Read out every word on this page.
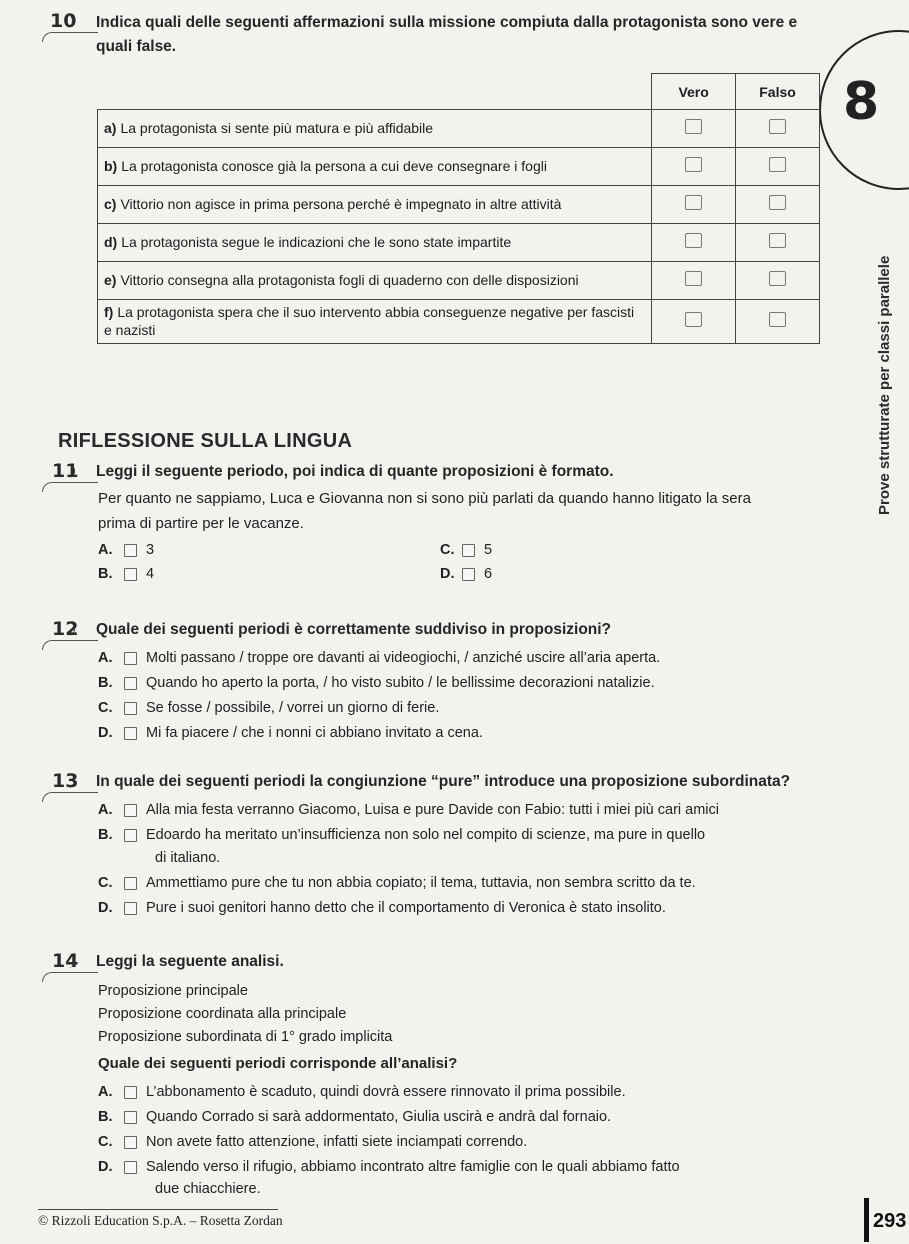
8
Prove strutturate per classi parallele
10 Indica quali delle seguenti affermazioni sulla missione compiuta dalla protagonista sono vere e
quali false.
	Vero	Falso
a) La protagonista si sente più matura e più affidabile		
b) La protagonista conosce già la persona a cui deve consegnare i fogli		
c) Vittorio non agisce in prima persona perché è impegnato in altre attività		
d) La protagonista segue le indicazioni che le sono state impartite		
e) Vittorio consegna alla protagonista fogli di quaderno con delle disposizioni		
f) La protagonista spera che il suo intervento abbia conseguenze negative per fascisti e nazisti		
RIFLESSIONE SULLA LINGUA
11 Leggi il seguente periodo, poi indica di quante proposizioni è formato.
Per quanto ne sappiamo, Luca e Giovanna non si sono più parlati da quando hanno litigato la sera
prima di partire per le vacanze.
A.	3
B.	4
C.	5
D.	6
12 Quale dei seguenti periodi è correttamente suddiviso in proposizioni?
A.	Molti passano / troppe ore davanti ai videogiochi, / anziché uscire all’aria aperta.
B.	Quando ho aperto la porta, / ho visto subito / le bellissime decorazioni natalizie.
C.	Se fosse / possibile, / vorrei un giorno di ferie.
D.	Mi fa piacere / che i nonni ci abbiano invitato a cena.
13 In quale dei seguenti periodi la congiunzione “pure” introduce una proposizione subordinata?
A.	Alla mia festa verranno Giacomo, Luisa e pure Davide con Fabio: tutti i miei più cari amici
B.	Edoardo ha meritato un’insufficienza non solo nel compito di scienze, ma pure in quello
di italiano.
C.	Ammettiamo pure che tu non abbia copiato; il tema, tuttavia, non sembra scritto da te.
D.	Pure i suoi genitori hanno detto che il comportamento di Veronica è stato insolito.
14 Leggi la seguente analisi.
Proposizione principale
Proposizione coordinata alla principale
Proposizione subordinata di 1° grado implicita
Quale dei seguenti periodi corrisponde all’analisi?
A.	L’abbonamento è scaduto, quindi dovrà essere rinnovato il prima possibile.
B.	Quando Corrado si sarà addormentato, Giulia uscirà e andrà dal fornaio.
C.	Non avete fatto attenzione, infatti siete inciampati correndo.
D.	Salendo verso il rifugio, abbiamo incontrato altre famiglie con le quali abbiamo fatto
due chiacchiere.
© Rizzoli Education S.p.A. – Rosetta Zordan	293
